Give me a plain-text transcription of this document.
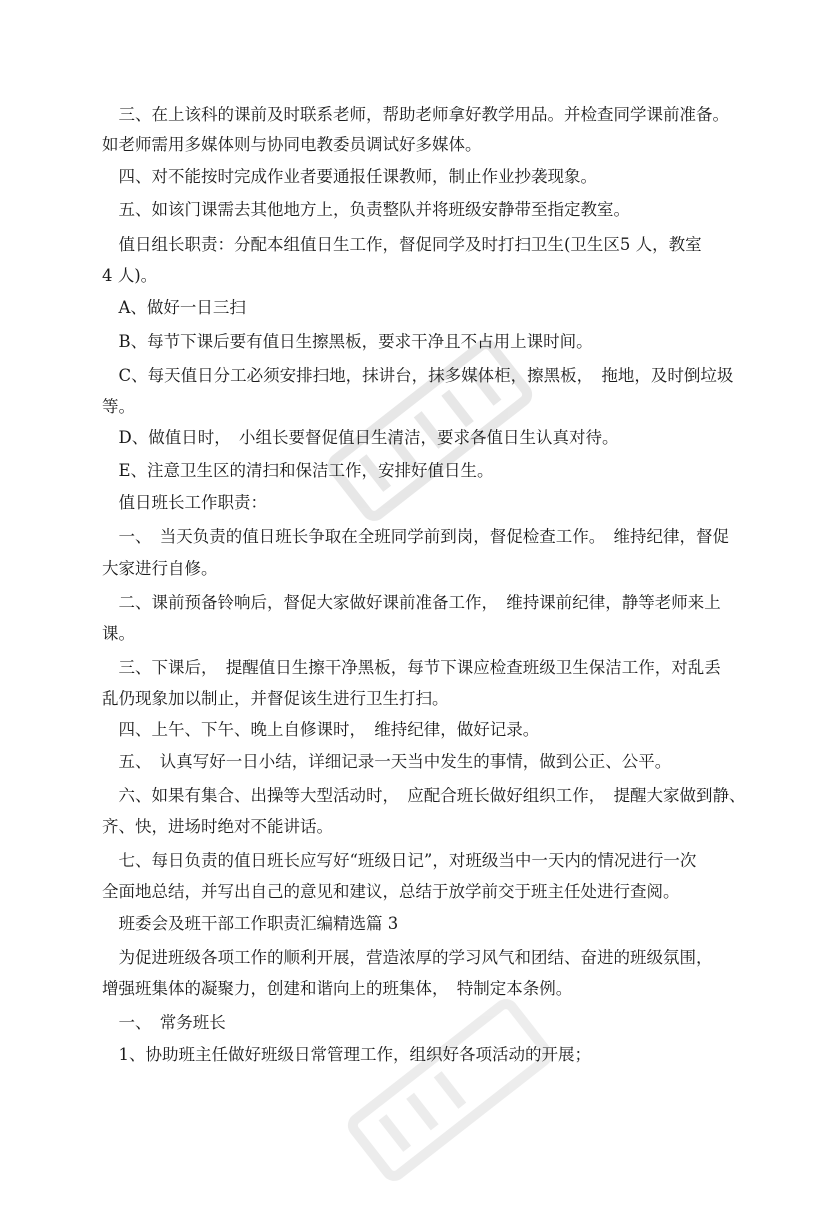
　三、在上该科的课前及时联系老师，帮助老师拿好教学用品。并检查同学课前准备。

如老师需用多媒体则与协同电教委员调试好多媒体。

　四、对不能按时完成作业者要通报任课教师，制止作业抄袭现象。

　五、如该门课需去其他地方上，负责整队并将班级安静带至指定教室。

　值日组长职责：分配本组值日生工作，督促同学及时打扫卫生(卫生区5 人，教室

4 人)。

　A、做好一日三扫

　B、每节下课后要有值日生擦黑板，要求干净且不占用上课时间。

　C、每天值日分工必须安排扫地，抹讲台，抹多媒体柜，擦黑板，　拖地，及时倒垃圾

等。

　D、做值日时，　小组长要督促值日生清洁，要求各值日生认真对待。

　E、注意卫生区的清扫和保洁工作，安排好值日生。

　值日班长工作职责：

　一、　当天负责的值日班长争取在全班同学前到岗，督促检查工作。　维持纪律，督促

大家进行自修。

　二、课前预备铃响后，督促大家做好课前准备工作，　维持课前纪律，静等老师来上

课。

　三、下课后，　提醒值日生擦干净黑板，每节下课应检查班级卫生保洁工作，对乱丢

乱仍现象加以制止，并督促该生进行卫生打扫。

　四、上午、下午、晚上自修课时，　维持纪律，做好记录。

　五、　认真写好一日小结，详细记录一天当中发生的事情，做到公正、公平。

　六、如果有集合、出操等大型活动时，　应配合班长做好组织工作，　提醒大家做到静、

齐、快，进场时绝对不能讲话。

　七、每日负责的值日班长应写好“班级日记”，对班级当中一天内的情况进行一次

全面地总结，并写出自己的意见和建议，总结于放学前交于班主任处进行查阅。

　班委会及班干部工作职责汇编精选篇 3

　为促进班级各项工作的顺利开展，营造浓厚的学习风气和团结、奋进的班级氛围，

增强班集体的凝聚力，创建和谐向上的班集体，　特制定本条例。

　一、　常务班长

　1、协助班主任做好班级日常管理工作，组织好各项活动的开展；
